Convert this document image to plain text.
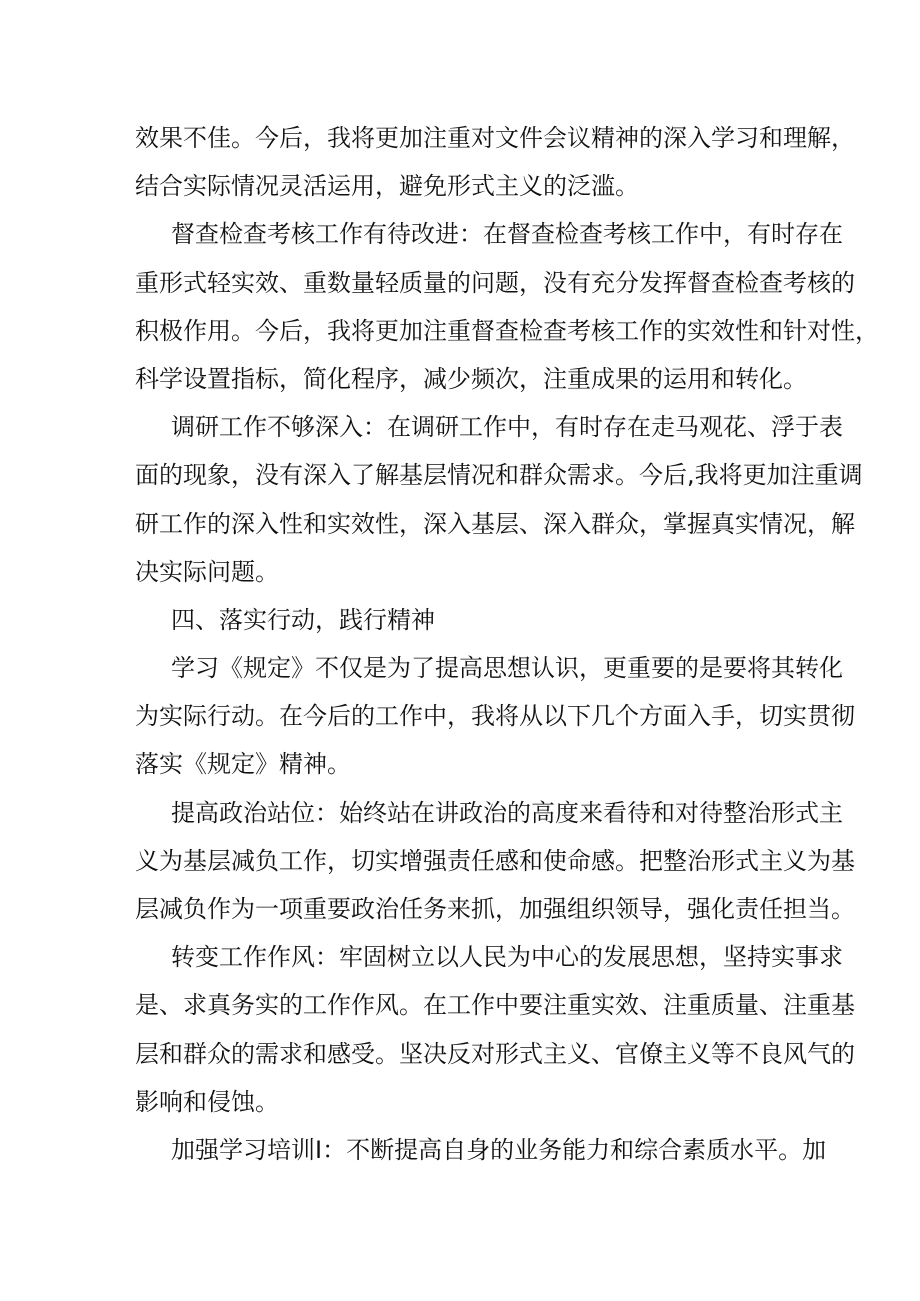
效果不佳。今后，我将更加注重对文件会议精神的深入学习和理解，
结合实际情况灵活运用，避免形式主义的泛滥。
督查检查考核工作有待改进：在督查检查考核工作中，有时存在
重形式轻实效、重数量轻质量的问题，没有充分发挥督查检查考核的
积极作用。今后，我将更加注重督查检查考核工作的实效性和针对性，
科学设置指标，简化程序，减少频次，注重成果的运用和转化。
调研工作不够深入：在调研工作中，有时存在走马观花、浮于表
面的现象，没有深入了解基层情况和群众需求。今后,我将更加注重调
研工作的深入性和实效性，深入基层、深入群众，掌握真实情况，解
决实际问题。
四、落实行动，践行精神
学习《规定》不仅是为了提高思想认识，更重要的是要将其转化
为实际行动。在今后的工作中，我将从以下几个方面入手，切实贯彻
落实《规定》精神。
提高政治站位：始终站在讲政治的高度来看待和对待整治形式主
义为基层减负工作，切实增强责任感和使命感。把整治形式主义为基
层减负作为一项重要政治任务来抓，加强组织领导，强化责任担当。
转变工作作风：牢固树立以人民为中心的发展思想，坚持实事求
是、求真务实的工作作风。在工作中要注重实效、注重质量、注重基
层和群众的需求和感受。坚决反对形式主义、官僚主义等不良风气的
影响和侵蚀。
加强学习培训I：不断提高自身的业务能力和综合素质水平。加
